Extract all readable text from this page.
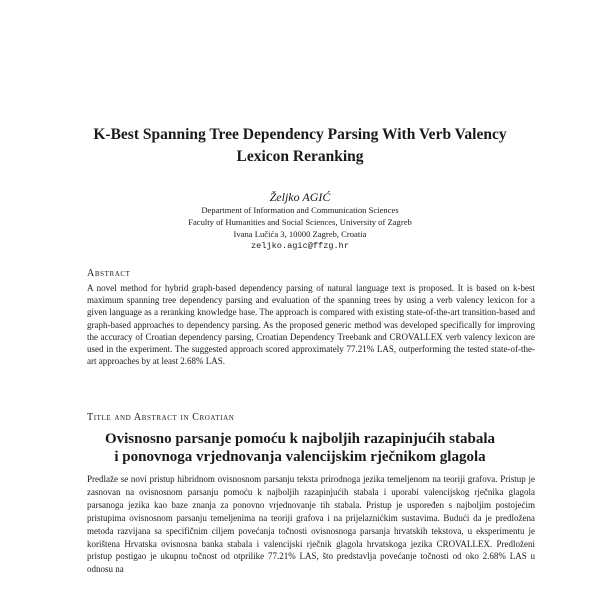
K-Best Spanning Tree Dependency Parsing With Verb Valency
Lexicon Reranking
Željko AGIĆ
Department of Information and Communication Sciences
Faculty of Humanities and Social Sciences, University of Zagreb
Ivana Lučića 3, 10000 Zagreb, Croatia
zeljko.agic@ffzg.hr
Abstract
A novel method for hybrid graph-based dependency parsing of natural language text is proposed. It is based on k-best maximum spanning tree dependency parsing and evaluation of the spanning trees by using a verb valency lexicon for a given language as a reranking knowledge base. The approach is compared with existing state-of-the-art transition-based and graph-based approaches to dependency parsing. As the proposed generic method was developed specifically for improving the accuracy of Croatian dependency parsing, Croatian Dependency Treebank and CROVALLEX verb valency lexicon are used in the experiment. The suggested approach scored approximately 77.21% LAS, outperforming the tested state-of-the-art approaches by at least 2.68% LAS.
Title and Abstract in Croatian
Ovisnosno parsanje pomoću k najboljih razapinjućih stabala
i ponovnoga vrjednovanja valencijskim rječnikom glagola
Predlaže se novi pristup hibridnom ovisnosnom parsanju teksta prirodnoga jezika temeljenom na teoriji grafova. Pristup je zasnovan na ovisnosnom parsanju pomoću k najboljih razapinjućih stabala i uporabi valencijskog rječnika glagola parsanoga jezika kao baze znanja za ponovno vrjednovanje tih stabala. Pristup je uspoređen s najboljim postojećim pristupima ovisnosnom parsanju temeljenima na teoriji grafova i na prijelaznićkim sustavima. Budući da je predložena metoda razvijana sa specifičnim ciljem povećanja točnosti ovisnosnoga parsanja hrvatskih tekstova, u eksperimentu je korištena Hrvatska ovisnosna banka stabala i valencijski rječnik glagola hrvatskoga jezika CROVALLEX. Predloženi pristup postigao je ukupnu točnost od otprilike 77.21% LAS, što predstavlja povećanje točnosti od oko 2.68% LAS u odnosu na
